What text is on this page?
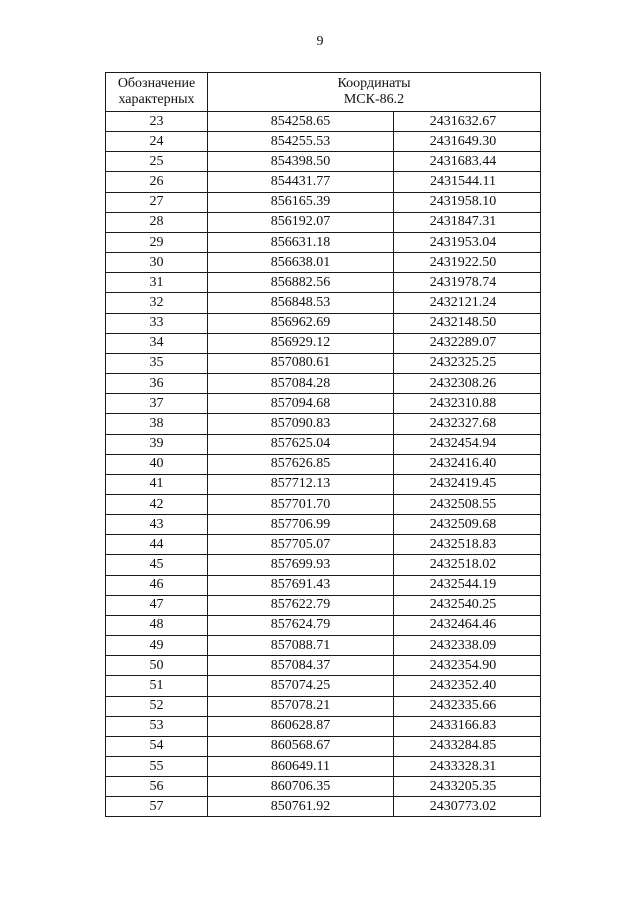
9
Обозначение
характерных	Координаты
МСК-86.2	

23	854258.65	2431632.67
24	854255.53	2431649.30
25	854398.50	2431683.44
26	854431.77	2431544.11
27	856165.39	2431958.10
28	856192.07	2431847.31
29	856631.18	2431953.04
30	856638.01	2431922.50
31	856882.56	2431978.74
32	856848.53	2432121.24
33	856962.69	2432148.50
34	856929.12	2432289.07
35	857080.61	2432325.25
36	857084.28	2432308.26
37	857094.68	2432310.88
38	857090.83	2432327.68
39	857625.04	2432454.94
40	857626.85	2432416.40
41	857712.13	2432419.45
42	857701.70	2432508.55
43	857706.99	2432509.68
44	857705.07	2432518.83
45	857699.93	2432518.02
46	857691.43	2432544.19
47	857622.79	2432540.25
48	857624.79	2432464.46
49	857088.71	2432338.09
50	857084.37	2432354.90
51	857074.25	2432352.40
52	857078.21	2432335.66
53	860628.87	2433166.83
54	860568.67	2433284.85
55	860649.11	2433328.31
56	860706.35	2433205.35
57	850761.92	2430773.02
